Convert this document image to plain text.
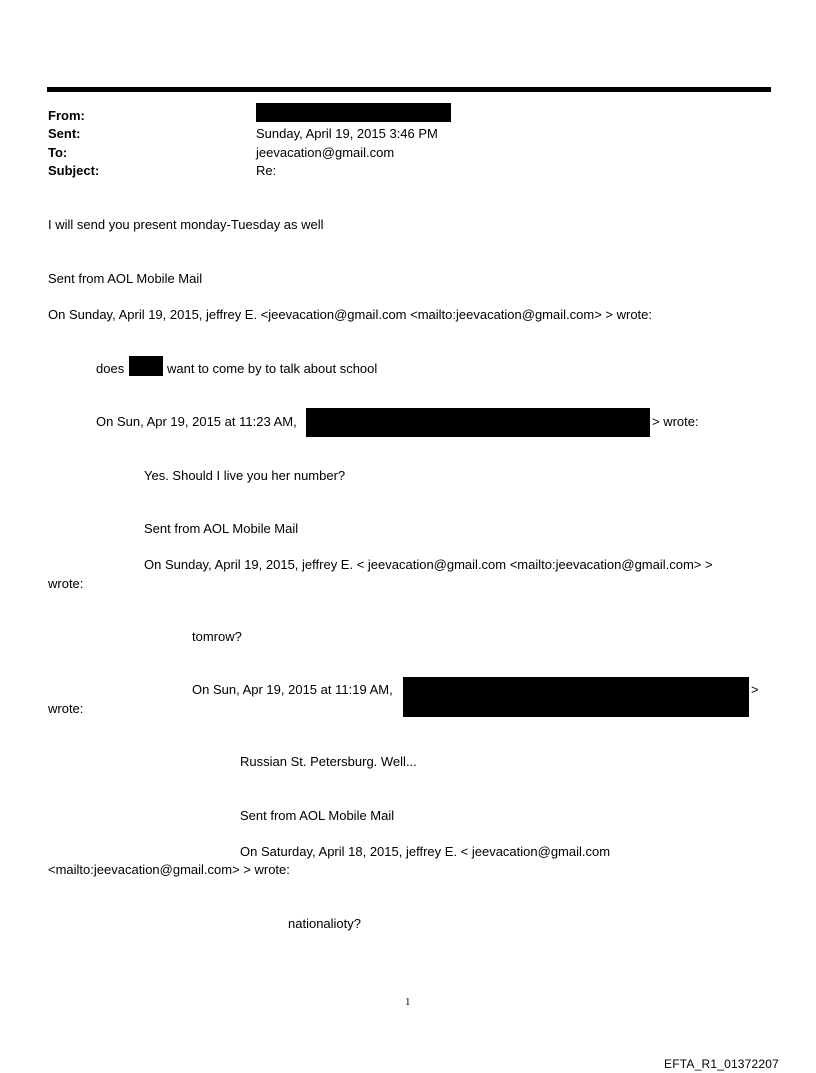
From:
Sent:	Sunday, April 19, 2015 3:46 PM
To:	jeevacation@gmail.com
Subject:	Re:
I will send you present monday-Tuesday as well
Sent from AOL Mobile Mail
On Sunday, April 19, 2015, jeffrey E. <jeevacation@gmail.com <mailto:jeevacation@gmail.com> > wrote:
does	want to come by to talk about school
On Sun, Apr 19, 2015 at 11:23 AM,	> wrote:
Yes. Should I live you her number?
Sent from AOL Mobile Mail
On Sunday, April 19, 2015, jeffrey E. < jeevacation@gmail.com <mailto:jeevacation@gmail.com> >
wrote:
tomrow?
On Sun, Apr 19, 2015 at 11:19 AM,	>
wrote:
Russian St. Petersburg. Well...
Sent from AOL Mobile Mail
On Saturday, April 18, 2015, jeffrey E. < jeevacation@gmail.com
<mailto:jeevacation@gmail.com> > wrote:
nationalioty?
1
EFTA_R1_01372207
